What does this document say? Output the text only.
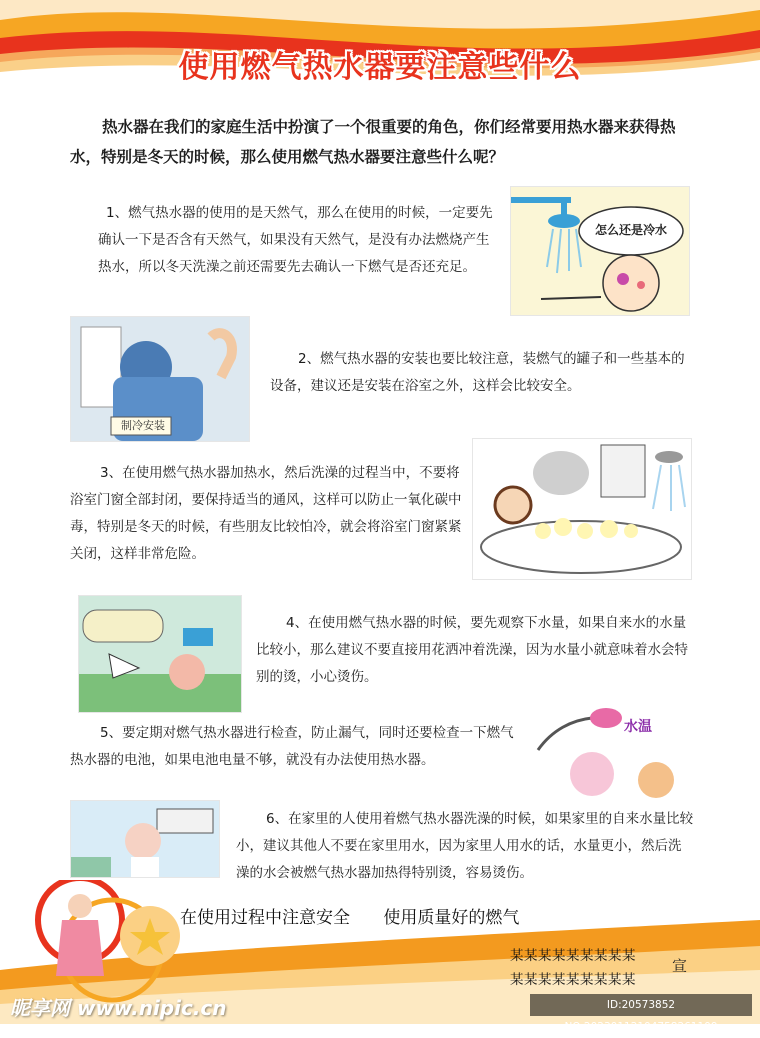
使用燃气热水器要注意些什么
热水器在我们的家庭生活中扮演了一个很重要的角色，你们经常要用热水器来获得热水，特别是冬天的时候，那么使用燃气热水器要注意些什么呢？
1、燃气热水器的使用的是天然气，那么在使用的时候，一定要先确认一下是否含有天然气，如果没有天然气，是没有办法燃烧产生热水，所以冬天洗澡之前还需要先去确认一下燃气是否还充足。
怎么还是冷水
制冷安装
2、燃气热水器的安装也要比较注意，装燃气的罐子和一些基本的设备，建议还是安装在浴室之外，这样会比较安全。
3、在使用燃气热水器加热水，然后洗澡的过程当中，不要将浴室门窗全部封闭，要保持适当的通风，这样可以防止一氧化碳中毒，特别是冬天的时候，有些朋友比较怕冷，就会将浴室门窗紧紧关闭，这样非常危险。
4、在使用燃气热水器的时候，要先观察下水量，如果自来水的水量比较小，那么建议不要直接用花洒冲着洗澡，因为水量小就意味着水会特别的烫，小心烫伤。
5、要定期对燃气热水器进行检查，防止漏气，同时还要检查一下燃气热水器的电池，如果电池电量不够，就没有办法使用热水器。
水温
6、在家里的人使用着燃气热水器洗澡的时候，如果家里的自来水量比较小，建议其他人不要在家里用水，因为家里人用水的话，水量更小，然后洗澡的水会被燃气热水器加热得特别烫，容易烫伤。
在使用过程中注意安全 使用质量好的燃气
某某某某某某某某某
某某某某某某某某某
宣
昵享网 www.nipic.cn	ID:20573852 NO:20230112104758261109
